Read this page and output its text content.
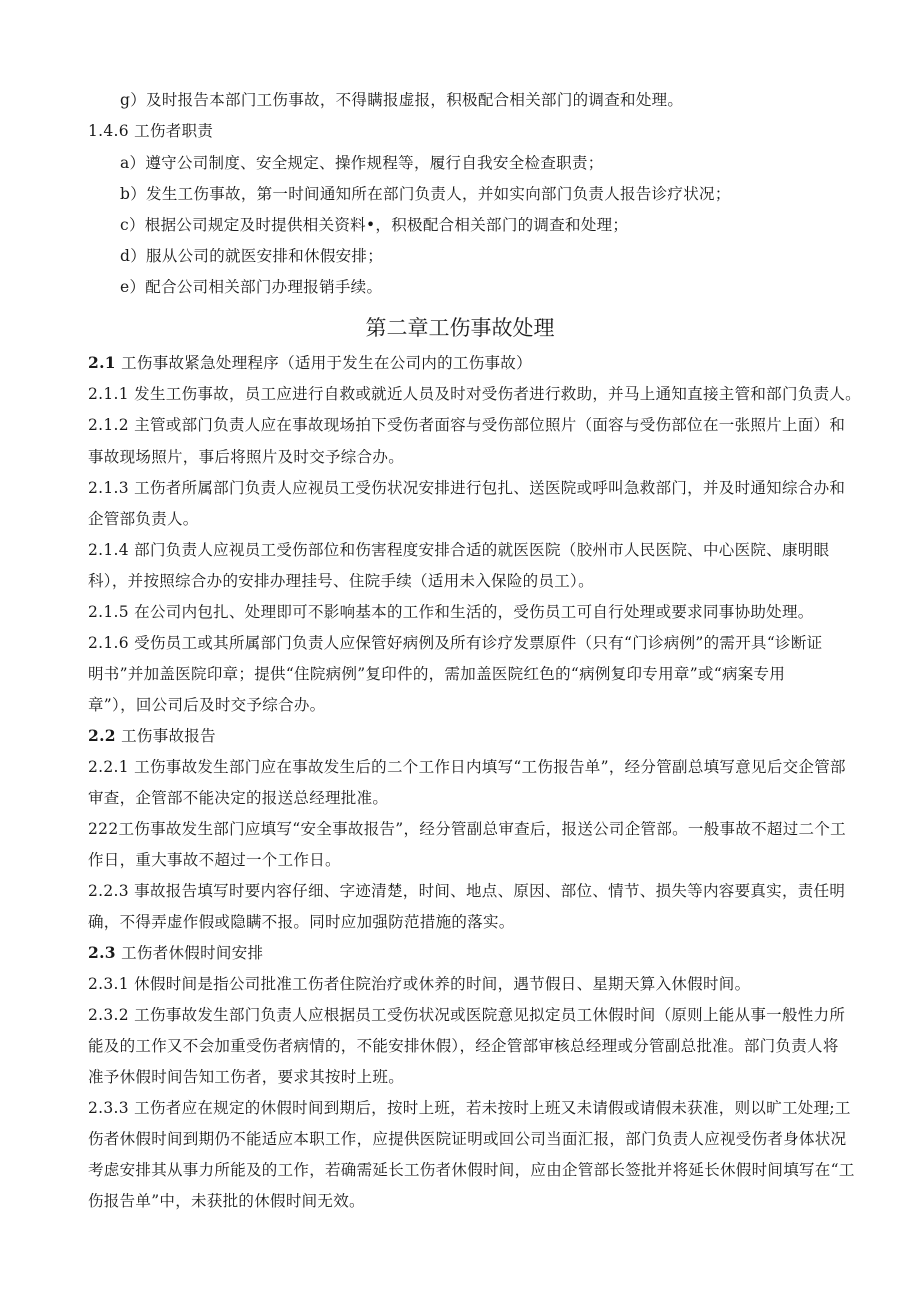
g）及时报告本部门工伤事故，不得瞒报虚报，积极配合相关部门的调查和处理。
1.4.6 工伤者职责
a）遵守公司制度、安全规定、操作规程等，履行自我安全检查职责；
b）发生工伤事故，第一时间通知所在部门负责人，并如实向部门负责人报告诊疗状况；
c）根据公司规定及时提供相关资料•，积极配合相关部门的调查和处理；
d）服从公司的就医安排和休假安排；
e）配合公司相关部门办理报销手续。
第二章工伤事故处理
2.1 工伤事故紧急处理程序（适用于发生在公司内的工伤事故）
2.1.1 发生工伤事故，员工应进行自救或就近人员及时对受伤者进行救助，并马上通知直接主管和部门负责人。
2.1.2 主管或部门负责人应在事故现场拍下受伤者面容与受伤部位照片（面容与受伤部位在一张照片上面）和
事故现场照片，事后将照片及时交予综合办。
2.1.3 工伤者所属部门负责人应视员工受伤状况安排进行包扎、送医院或呼叫急救部门，并及时通知综合办和
企管部负责人。
2.1.4 部门负责人应视员工受伤部位和伤害程度安排合适的就医医院（胶州市人民医院、中心医院、康明眼
科），并按照综合办的安排办理挂号、住院手续（适用未入保险的员工）。
2.1.5 在公司内包扎、处理即可不影响基本的工作和生活的，受伤员工可自行处理或要求同事协助处理。
2.1.6 受伤员工或其所属部门负责人应保管好病例及所有诊疗发票原件（只有“门诊病例”的需开具“诊断证
明书”并加盖医院印章；提供“住院病例”复印件的，需加盖医院红色的“病例复印专用章”或“病案专用
章”），回公司后及时交予综合办。
2.2 工伤事故报告
2.2.1 工伤事故发生部门应在事故发生后的二个工作日内填写“工伤报告单”，经分管副总填写意见后交企管部
审查，企管部不能决定的报送总经理批准。
222工伤事故发生部门应填写“安全事故报告”，经分管副总审查后，报送公司企管部。一般事故不超过二个工
作日，重大事故不超过一个工作日。
2.2.3 事故报告填写时要内容仔细、字迹清楚，时间、地点、原因、部位、情节、损失等内容要真实，责任明
确，不得弄虚作假或隐瞒不报。同时应加强防范措施的落实。
2.3 工伤者休假时间安排
2.3.1 休假时间是指公司批准工伤者住院治疗或休养的时间，遇节假日、星期天算入休假时间。
2.3.2 工伤事故发生部门负责人应根据员工受伤状况或医院意见拟定员工休假时间（原则上能从事一般性力所
能及的工作又不会加重受伤者病情的，不能安排休假），经企管部审核总经理或分管副总批准。部门负责人将
准予休假时间告知工伤者，要求其按时上班。
2.3.3 工伤者应在规定的休假时间到期后，按时上班，若未按时上班又未请假或请假未获准，则以旷工处理;工
伤者休假时间到期仍不能适应本职工作，应提供医院证明或回公司当面汇报，部门负责人应视受伤者身体状况
考虑安排其从事力所能及的工作，若确需延长工伤者休假时间，应由企管部长签批并将延长休假时间填写在“工
伤报告单”中，未获批的休假时间无效。
